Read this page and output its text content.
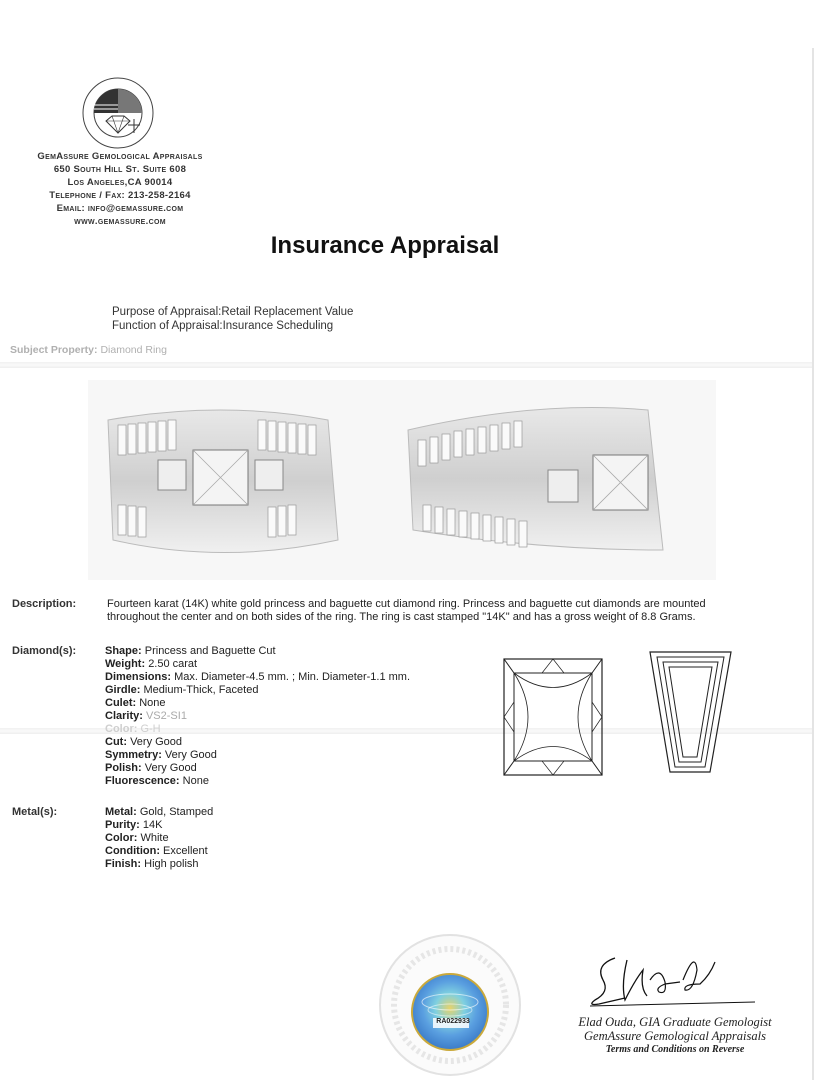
GemAssure Gemological Appraisals
650 South Hill St. Suite 608
Los Angeles,CA 90014
Telephone / Fax: 213-258-2164
Email: info@gemassure.com
www.gemassure.com
Insurance Appraisal
Purpose of Appraisal:Retail Replacement Value
Function of Appraisal:Insurance Scheduling
Subject Property: Diamond Ring
Description:	Fourteen karat (14K) white gold princess and baguette cut diamond ring. Princess and baguette cut diamonds are mounted throughout the center and on both sides of the ring. The ring is cast stamped "14K" and has a gross weight of 8.8 Grams.
Diamond(s):	Shape: Princess and Baguette Cut
Weight: 2.50 carat
Dimensions: Max. Diameter-4.5 mm. ; Min. Diameter-1.1 mm.
Girdle: Medium-Thick, Faceted
Culet: None
Clarity: VS2-SI1
Color: G-H
Cut: Very Good
Symmetry: Very Good
Polish: Very Good
Fluorescence: None
Metal(s):	Metal: Gold, Stamped
Purity: 14K
Color: White
Condition: Excellent
Finish: High polish
RA022933	Elad Ouda, GIA Graduate Gemologist
GemAssure Gemological Appraisals
Terms and Conditions on Reverse
